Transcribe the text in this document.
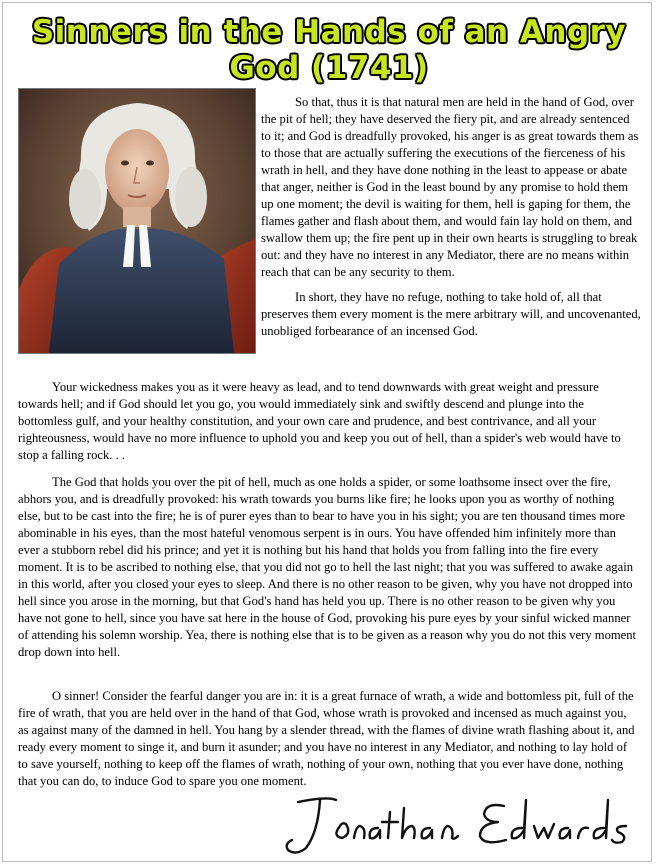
Sinners in the Hands of an Angry God (1741)

So that, thus it is that natural men are held in the hand of God, over the pit of hell; they have deserved the fiery pit, and are already sentenced to it; and God is dreadfully provoked, his anger is as great towards them as to those that are actually suffering the executions of the fierceness of his wrath in hell, and they have done nothing in the least to appease or abate that anger, neither is God in the least bound by any promise to hold them up one moment; the devil is waiting for them, hell is gaping for them, the flames gather and flash about them, and would fain lay hold on them, and swallow them up; the fire pent up in their own hearts is struggling to break out: and they have no interest in any Mediator, there are no means within reach that can be any security to them.

In short, they have no refuge, nothing to take hold of, all that preserves them every moment is the mere arbitrary will, and uncovenanted, unobliged forbearance of an incensed God.

Your wickedness makes you as it were heavy as lead, and to tend downwards with great weight and pressure towards hell; and if God should let you go, you would immediately sink and swiftly descend and plunge into the bottomless gulf, and your healthy constitution, and your own care and prudence, and best contrivance, and all your righteousness, would have no more influence to uphold you and keep you out of hell, than a spider's web would have to stop a falling rock. . .

The God that holds you over the pit of hell, much as one holds a spider, or some loathsome insect over the fire, abhors you, and is dreadfully provoked: his wrath towards you burns like fire; he looks upon you as worthy of nothing else, but to be cast into the fire; he is of purer eyes than to bear to have you in his sight; you are ten thousand times more abominable in his eyes, than the most hateful venomous serpent is in ours. You have offended him infinitely more than ever a stubborn rebel did his prince; and yet it is nothing but his hand that holds you from falling into the fire every moment. It is to be ascribed to nothing else, that you did not go to hell the last night; that you was suffered to awake again in this world, after you closed your eyes to sleep. And there is no other reason to be given, why you have not dropped into hell since you arose in the morning, but that God's hand has held you up. There is no other reason to be given why you have not gone to hell, since you have sat here in the house of God, provoking his pure eyes by your sinful wicked manner of attending his solemn worship. Yea, there is nothing else that is to be given as a reason why you do not this very moment drop down into hell.

O sinner! Consider the fearful danger you are in: it is a great furnace of wrath, a wide and bottomless pit, full of the fire of wrath, that you are held over in the hand of that God, whose wrath is provoked and incensed as much against you, as against many of the damned in hell. You hang by a slender thread, with the flames of divine wrath flashing about it, and ready every moment to singe it, and burn it asunder; and you have no interest in any Mediator, and nothing to lay hold of to save yourself, nothing to keep off the flames of wrath, nothing of your own, nothing that you ever have done, nothing that you can do, to induce God to spare you one moment.
